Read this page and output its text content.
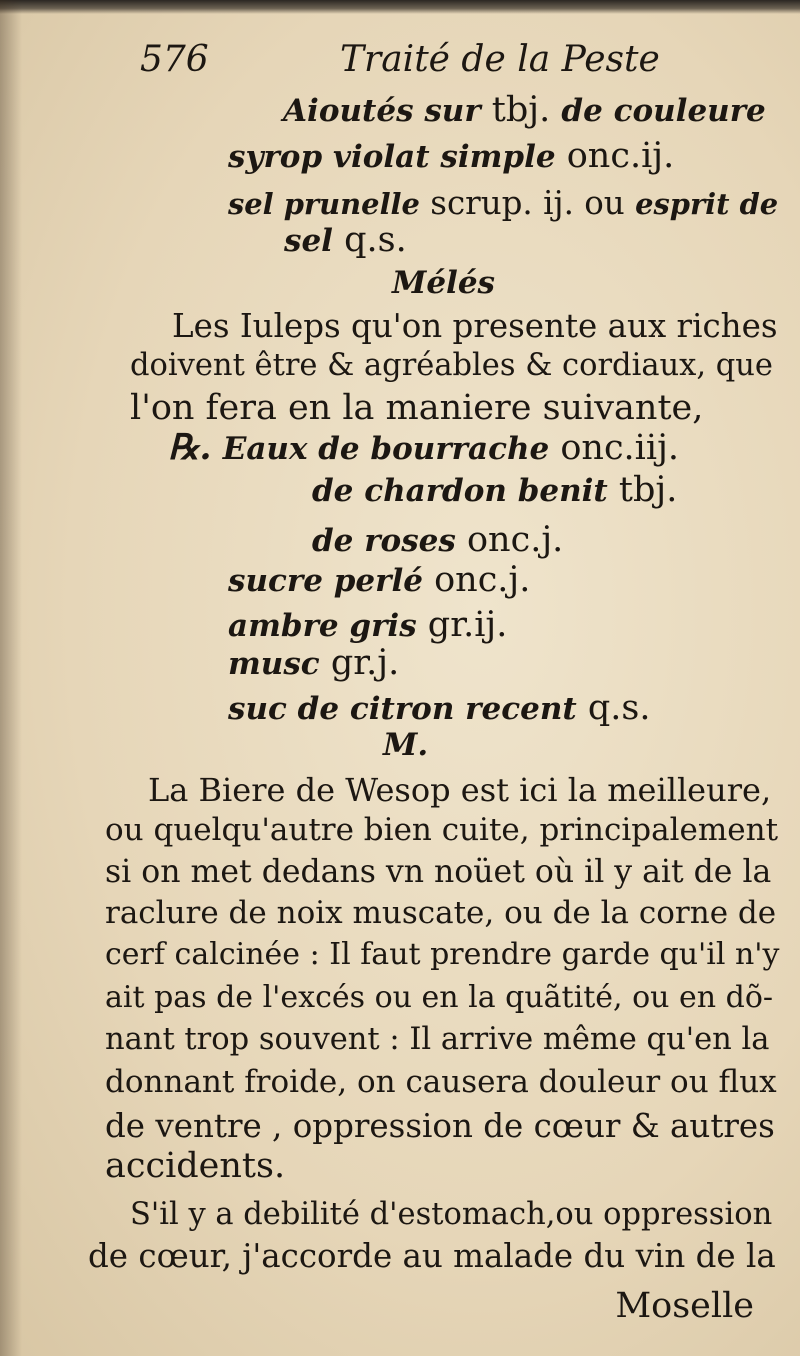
576	Traité de la Peste
Aioutés sur tbj. de couleure
syrop violat simple onc.ij.
sel prunelle scrup. ij. ou esprit de
sel q.s.
Mélés
Les Iuleps qu'on presente aux riches
doivent être & agréables & cordiaux, que
l'on fera en la maniere suivante,
℞. Eaux de bourrache onc.iij.
de chardon benit tbj.
de roses onc.j.
sucre perlé onc.j.
ambre gris gr.ij.
musc gr.j.
suc de citron recent q.s.
M.
La Biere de Wesop est ici la meilleure,
ou quelqu'autre bien cuite, principalement
si on met dedans vn noüet où il y ait de la
raclure de noix muscate, ou de la corne de
cerf calcinée : Il faut prendre garde qu'il n'y
ait pas de l'excés ou en la quãtité, ou en dõ-
nant trop souvent : Il arrive même qu'en la
donnant froide, on causera douleur ou flux
de ventre , oppression de cœur & autres
accidents.
S'il y a debilité d'estomach,ou oppression
de cœur, j'accorde au malade du vin de la
Moselle
